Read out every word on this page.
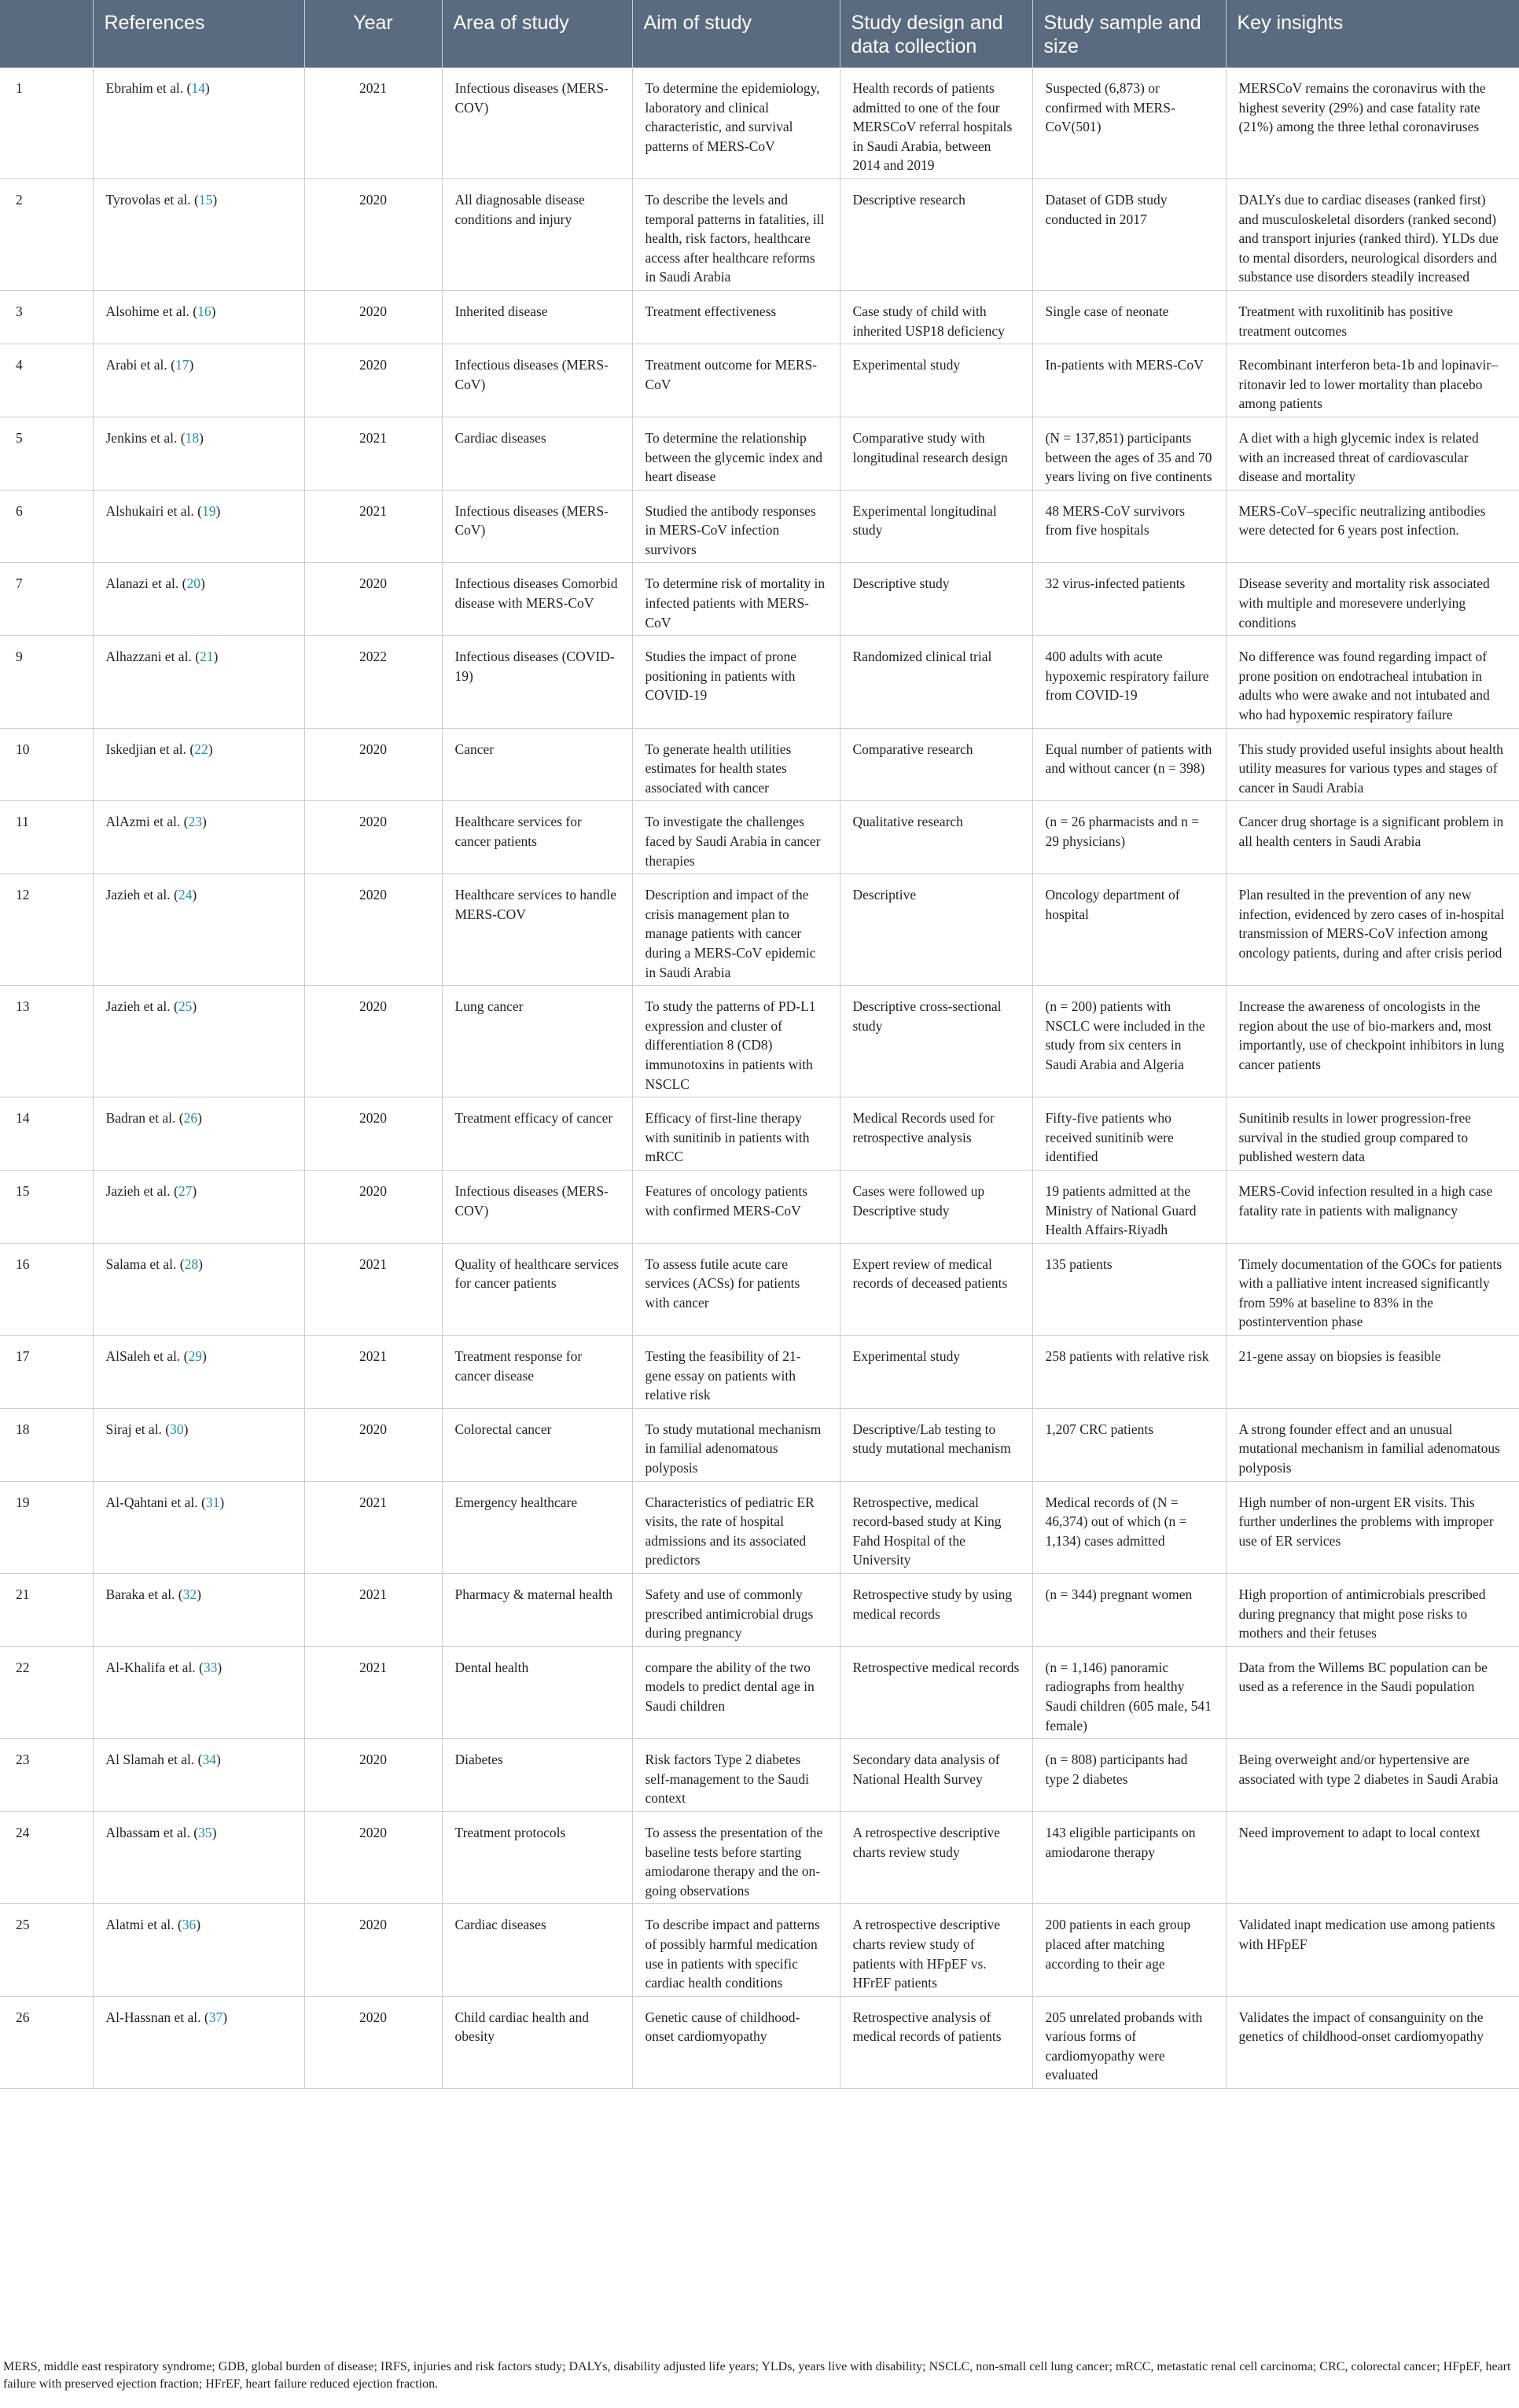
	References	Year	Area of study	Aim of study	Study design and data collection	Study sample and size	Key insights
1	Ebrahim et al. (14)	2021	Infectious diseases (MERS-COV)	To determine the epidemiology, laboratory and clinical characteristic, and survival patterns of MERS-CoV	Health records of patients admitted to one of the four MERSCoV referral hospitals in Saudi Arabia, between 2014 and 2019	Suspected (6,873) or confirmed with MERS-CoV(501)	MERSCoV remains the coronavirus with the highest severity (29%) and case fatality rate (21%) among the three lethal coronaviruses
2	Tyrovolas et al. (15)	2020	All diagnosable disease conditions and injury	To describe the levels and temporal patterns in fatalities, ill health, risk factors, healthcare access after healthcare reforms in Saudi Arabia	Descriptive research	Dataset of GDB study conducted in 2017	DALYs due to cardiac diseases (ranked first) and musculoskeletal disorders (ranked second) and transport injuries (ranked third). YLDs due to mental disorders, neurological disorders and substance use disorders steadily increased
3	Alsohime et al. (16)	2020	Inherited disease	Treatment effectiveness	Case study of child with inherited USP18 deficiency	Single case of neonate	Treatment with ruxolitinib has positive treatment outcomes
4	Arabi et al. (17)	2020	Infectious diseases (MERS-CoV)	Treatment outcome for MERS-CoV	Experimental study	In-patients with MERS-CoV	Recombinant interferon beta-1b and lopinavir–ritonavir led to lower mortality than placebo among patients
5	Jenkins et al. (18)	2021	Cardiac diseases	To determine the relationship between the glycemic index and heart disease	Comparative study with longitudinal research design	(N = 137,851) participants between the ages of 35 and 70 years living on five continents	A diet with a high glycemic index is related with an increased threat of cardiovascular disease and mortality
6	Alshukairi et al. (19)	2021	Infectious diseases (MERS-CoV)	Studied the antibody responses in MERS-CoV infection survivors	Experimental longitudinal study	48 MERS-CoV survivors from five hospitals	MERS-CoV–specific neutralizing antibodies were detected for 6 years post infection.
7	Alanazi et al. (20)	2020	Infectious diseases Comorbid disease with MERS-CoV	To determine risk of mortality in infected patients with MERS-CoV	Descriptive study	32 virus-infected patients	Disease severity and mortality risk associated with multiple and moresevere underlying conditions
9	Alhazzani et al. (21)	2022	Infectious diseases (COVID-19)	Studies the impact of prone positioning in patients with COVID-19	Randomized clinical trial	400 adults with acute hypoxemic respiratory failure from COVID-19	No difference was found regarding impact of prone position on endotracheal intubation in adults who were awake and not intubated and who had hypoxemic respiratory failure
10	Iskedjian et al. (22)	2020	Cancer	To generate health utilities estimates for health states associated with cancer	Comparative research	Equal number of patients with and without cancer (n = 398)	This study provided useful insights about health utility measures for various types and stages of cancer in Saudi Arabia
11	AlAzmi et al. (23)	2020	Healthcare services for cancer patients	To investigate the challenges faced by Saudi Arabia in cancer therapies	Qualitative research	(n = 26 pharmacists and n = 29 physicians)	Cancer drug shortage is a significant problem in all health centers in Saudi Arabia
12	Jazieh et al. (24)	2020	Healthcare services to handle MERS-COV	Description and impact of the crisis management plan to manage patients with cancer during a MERS-CoV epidemic in Saudi Arabia	Descriptive	Oncology department of hospital	Plan resulted in the prevention of any new infection, evidenced by zero cases of in-hospital transmission of MERS-CoV infection among oncology patients, during and after crisis period
13	Jazieh et al. (25)	2020	Lung cancer	To study the patterns of PD-L1 expression and cluster of differentiation 8 (CD8) immunotoxins in patients with NSCLC	Descriptive cross-sectional study	(n = 200) patients with NSCLC were included in the study from six centers in Saudi Arabia and Algeria	Increase the awareness of oncologists in the region about the use of bio-markers and, most importantly, use of checkpoint inhibitors in lung cancer patients
14	Badran et al. (26)	2020	Treatment efficacy of cancer	Efficacy of first-line therapy with sunitinib in patients with mRCC	Medical Records used for retrospective analysis	Fifty-five patients who received sunitinib were identified	Sunitinib results in lower progression-free survival in the studied group compared to published western data
15	Jazieh et al. (27)	2020	Infectious diseases (MERS-COV)	Features of oncology patients with confirmed MERS-CoV	Cases were followed up Descriptive study	19 patients admitted at the Ministry of National Guard Health Affairs-Riyadh	MERS-Covid infection resulted in a high case fatality rate in patients with malignancy
16	Salama et al. (28)	2021	Quality of healthcare services for cancer patients	To assess futile acute care services (ACSs) for patients with cancer	Expert review of medical records of deceased patients	135 patients	Timely documentation of the GOCs for patients with a palliative intent increased significantly from 59% at baseline to 83% in the postintervention phase
17	AlSaleh et al. (29)	2021	Treatment response for cancer disease	Testing the feasibility of 21-gene essay on patients with relative risk	Experimental study	258 patients with relative risk	21-gene assay on biopsies is feasible
18	Siraj et al. (30)	2020	Colorectal cancer	To study mutational mechanism in familial adenomatous polyposis	Descriptive/Lab testing to study mutational mechanism	1,207 CRC patients	A strong founder effect and an unusual mutational mechanism in familial adenomatous polyposis
19	Al-Qahtani et al. (31)	2021	Emergency healthcare	Characteristics of pediatric ER visits, the rate of hospital admissions and its associated predictors	Retrospective, medical record-based study at King Fahd Hospital of the University	Medical records of (N = 46,374) out of which (n = 1,134) cases admitted	High number of non-urgent ER visits. This further underlines the problems with improper use of ER services
21	Baraka et al. (32)	2021	Pharmacy & maternal health	Safety and use of commonly prescribed antimicrobial drugs during pregnancy	Retrospective study by using medical records	(n = 344) pregnant women	High proportion of antimicrobials prescribed during pregnancy that might pose risks to mothers and their fetuses
22	Al-Khalifa et al. (33)	2021	Dental health	compare the ability of the two models to predict dental age in Saudi children	Retrospective medical records	(n = 1,146) panoramic radiographs from healthy Saudi children (605 male, 541 female)	Data from the Willems BC population can be used as a reference in the Saudi population
23	Al Slamah et al. (34)	2020	Diabetes	Risk factors Type 2 diabetes self-management to the Saudi context	Secondary data analysis of National Health Survey	(n = 808) participants had type 2 diabetes	Being overweight and/or hypertensive are associated with type 2 diabetes in Saudi Arabia
24	Albassam et al. (35)	2020	Treatment protocols	To assess the presentation of the baseline tests before starting amiodarone therapy and the on-going observations	A retrospective descriptive charts review study	143 eligible participants on amiodarone therapy	Need improvement to adapt to local context
25	Alatmi et al. (36)	2020	Cardiac diseases	To describe impact and patterns of possibly harmful medication use in patients with specific cardiac health conditions	A retrospective descriptive charts review study of patients with HFpEF vs. HFrEF patients	200 patients in each group placed after matching according to their age	Validated inapt medication use among patients with HFpEF
26	Al-Hassnan et al. (37)	2020	Child cardiac health and obesity	Genetic cause of childhood-onset cardiomyopathy	Retrospective analysis of medical records of patients	205 unrelated probands with various forms of cardiomyopathy were evaluated	Validates the impact of consanguinity on the genetics of childhood-onset cardiomyopathy
MERS, middle east respiratory syndrome; GDB, global burden of disease; IRFS, injuries and risk factors study; DALYs, disability adjusted life years; YLDs, years live with disability; NSCLC, non-small cell lung cancer; mRCC, metastatic renal cell carcinoma; CRC, colorectal cancer; HFpEF, heart failure with preserved ejection fraction; HFrEF, heart failure reduced ejection fraction.
